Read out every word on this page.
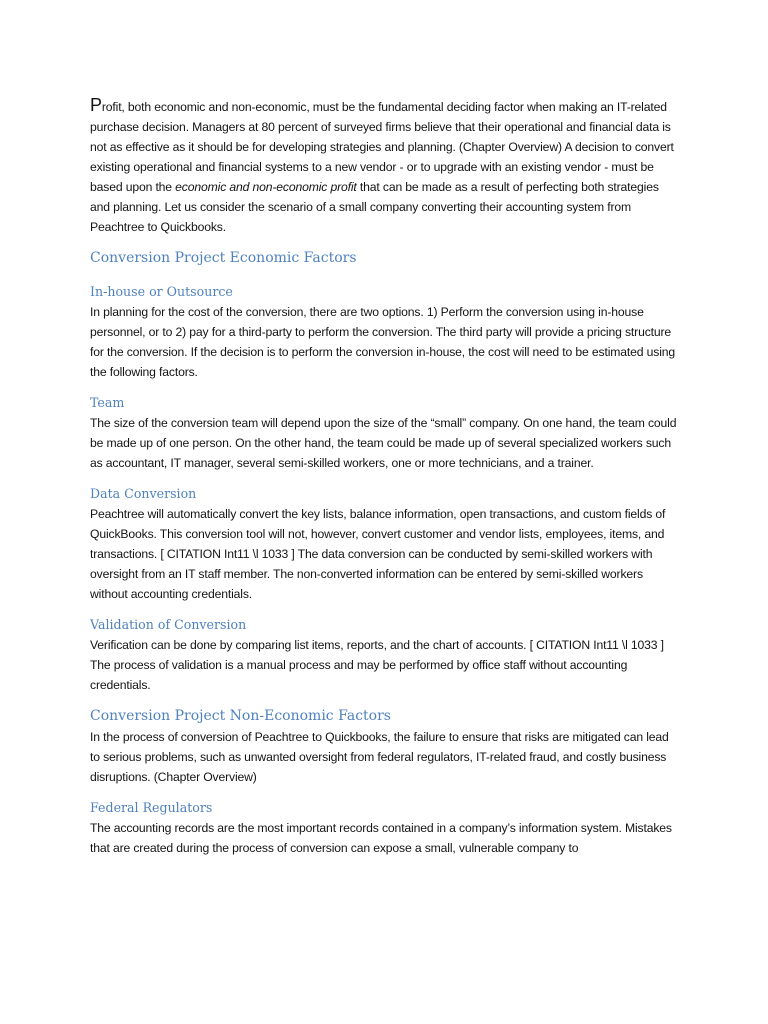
Profit, both economic and non-economic, must be the fundamental deciding factor when making an IT-related purchase decision. Managers at 80 percent of surveyed firms believe that their operational and financial data is not as effective as it should be for developing strategies and planning. (Chapter Overview) A decision to convert existing operational and financial systems to a new vendor - or to upgrade with an existing vendor - must be based upon the economic and non-economic profit that can be made as a result of perfecting both strategies and planning. Let us consider the scenario of a small company converting their accounting system from Peachtree to Quickbooks.

Conversion Project Economic Factors
In-house or Outsource

In planning for the cost of the conversion, there are two options. 1) Perform the conversion using in-house personnel, or to 2) pay for a third-party to perform the conversion. The third party will provide a pricing structure for the conversion. If the decision is to perform the conversion in-house, the cost will need to be estimated using the following factors.

Team

The size of the conversion team will depend upon the size of the “small” company. On one hand, the team could be made up of one person. On the other hand, the team could be made up of several specialized workers such as accountant, IT manager, several semi-skilled workers, one or more technicians, and a trainer.

Data Conversion

Peachtree will automatically convert the key lists, balance information, open transactions, and custom fields of QuickBooks. This conversion tool will not, however, convert customer and vendor lists, employees, items, and transactions. [ CITATION Int11 \l 1033 ] The data conversion can be conducted by semi-skilled workers with oversight from an IT staff member. The non-converted information can be entered by semi-skilled workers without accounting credentials.

Validation of Conversion

Verification can be done by comparing list items, reports, and the chart of accounts. [ CITATION Int11 \l 1033 ] The process of validation is a manual process and may be performed by office staff without accounting credentials.

Conversion Project Non-Economic Factors

In the process of conversion of Peachtree to Quickbooks, the failure to ensure that risks are mitigated can lead to serious problems, such as unwanted oversight from federal regulators, IT-related fraud, and costly business disruptions. (Chapter Overview)

Federal Regulators

The accounting records are the most important records contained in a company’s information system. Mistakes that are created during the process of conversion can expose a small, vulnerable company to
